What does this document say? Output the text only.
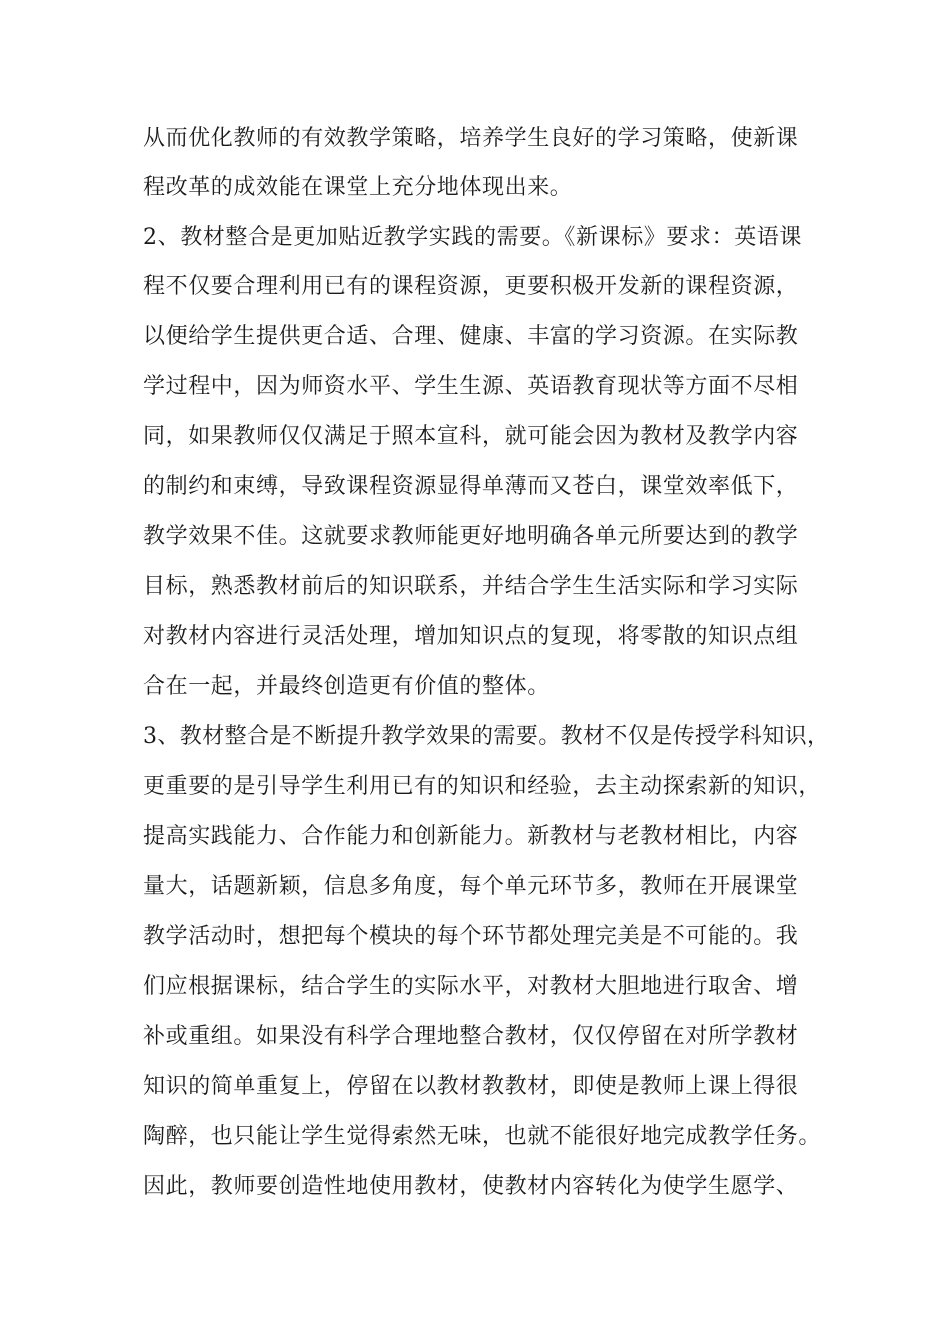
从而优化教师的有效教学策略，培养学生良好的学习策略，使新课
程改革的成效能在课堂上充分地体现出来。
2、教材整合是更加贴近教学实践的需要。《新课标》要求：英语课
程不仅要合理利用已有的课程资源，更要积极开发新的课程资源，
以便给学生提供更合适、合理、健康、丰富的学习资源。在实际教
学过程中，因为师资水平、学生生源、英语教育现状等方面不尽相
同，如果教师仅仅满足于照本宣科，就可能会因为教材及教学内容
的制约和束缚，导致课程资源显得单薄而又苍白，课堂效率低下，
教学效果不佳。这就要求教师能更好地明确各单元所要达到的教学
目标，熟悉教材前后的知识联系，并结合学生生活实际和学习实际
对教材内容进行灵活处理，增加知识点的复现，将零散的知识点组
合在一起，并最终创造更有价值的整体。
3、教材整合是不断提升教学效果的需要。教材不仅是传授学科知识，
更重要的是引导学生利用已有的知识和经验，去主动探索新的知识，
提高实践能力、合作能力和创新能力。新教材与老教材相比，内容
量大，话题新颖，信息多角度，每个单元环节多，教师在开展课堂
教学活动时，想把每个模块的每个环节都处理完美是不可能的。我
们应根据课标，结合学生的实际水平，对教材大胆地进行取舍、增
补或重组。如果没有科学合理地整合教材，仅仅停留在对所学教材
知识的简单重复上，停留在以教材教教材，即使是教师上课上得很
陶醉，也只能让学生觉得索然无味，也就不能很好地完成教学任务。
因此，教师要创造性地使用教材，使教材内容转化为使学生愿学、
